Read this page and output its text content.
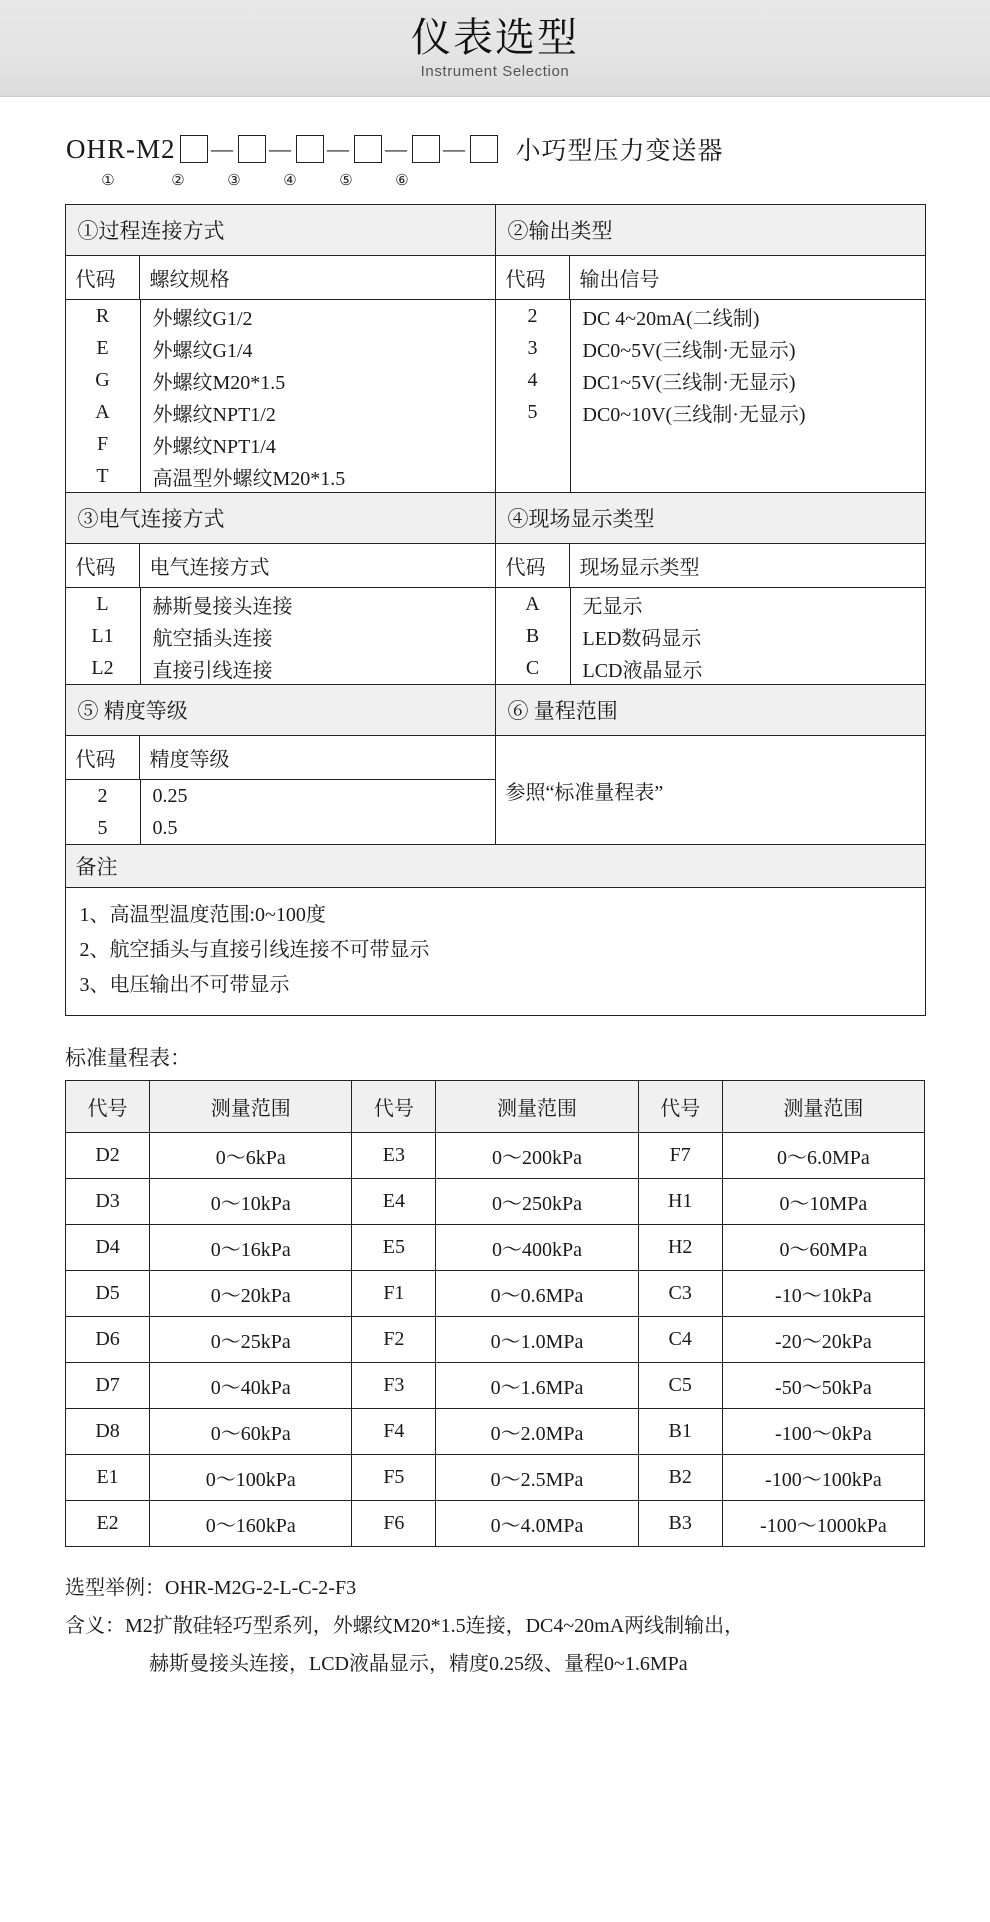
仪表选型
Instrument Selection
OHR-M2 — — — — — 小巧型压力变送器
①	②	③	④	⑤	⑥
①过程连接方式		②输出类型	
代码	螺纹规格	代码	输出信号

R	外螺纹G1/2
E	外螺纹G1/4
G	外螺纹M20*1.5
A	外螺纹NPT1/2
F	外螺纹NPT1/4
T	高温型外螺纹M20*1.5

2	DC 4~20mA(二线制)
3	DC0~5V(三线制·无显示)
4	DC1~5V(三线制·无显示)
5	DC0~10V(三线制·无显示)

③电气连接方式		④现场显示类型	
代码	电气连接方式	代码	现场显示类型

L	赫斯曼接头连接
L1	航空插头连接
L2	直接引线连接

A	无显示
B	LED数码显示
C	LCD液晶显示

⑤ 精度等级		⑥ 量程范围	
代码	精度等级	参照“标准量程表”	

2 0.25
5 0.5			

备注			

1、高温型温度范围:0~100度
2、航空插头与直接引线连接不可带显示
3、电压输出不可带显示			
标准量程表：
代号	测量范围	代号	测量范围	代号	测量范围
D2	0～6kPa	E3	0～200kPa	F7	0～6.0MPa
D3	0～10kPa	E4	0～250kPa	H1	0～10MPa
D4	0～16kPa	E5	0～400kPa	H2	0～60MPa
D5	0～20kPa	F1	0～0.6MPa	C3	-10～10kPa
D6	0～25kPa	F2	0～1.0MPa	C4	-20～20kPa
D7	0～40kPa	F3	0～1.6MPa	C5	-50～50kPa
D8	0～60kPa	F4	0～2.0MPa	B1	-100～0kPa
E1	0～100kPa	F5	0～2.5MPa	B2	-100～100kPa
E2	0～160kPa	F6	0～4.0MPa	B3	-100～1000kPa
选型举例：OHR-M2G-2-L-C-2-F3
含义：M2扩散硅轻巧型系列，外螺纹M20*1.5连接，DC4~20mA两线制输出，
赫斯曼接头连接，LCD液晶显示，精度0.25级、量程0~1.6MPa
